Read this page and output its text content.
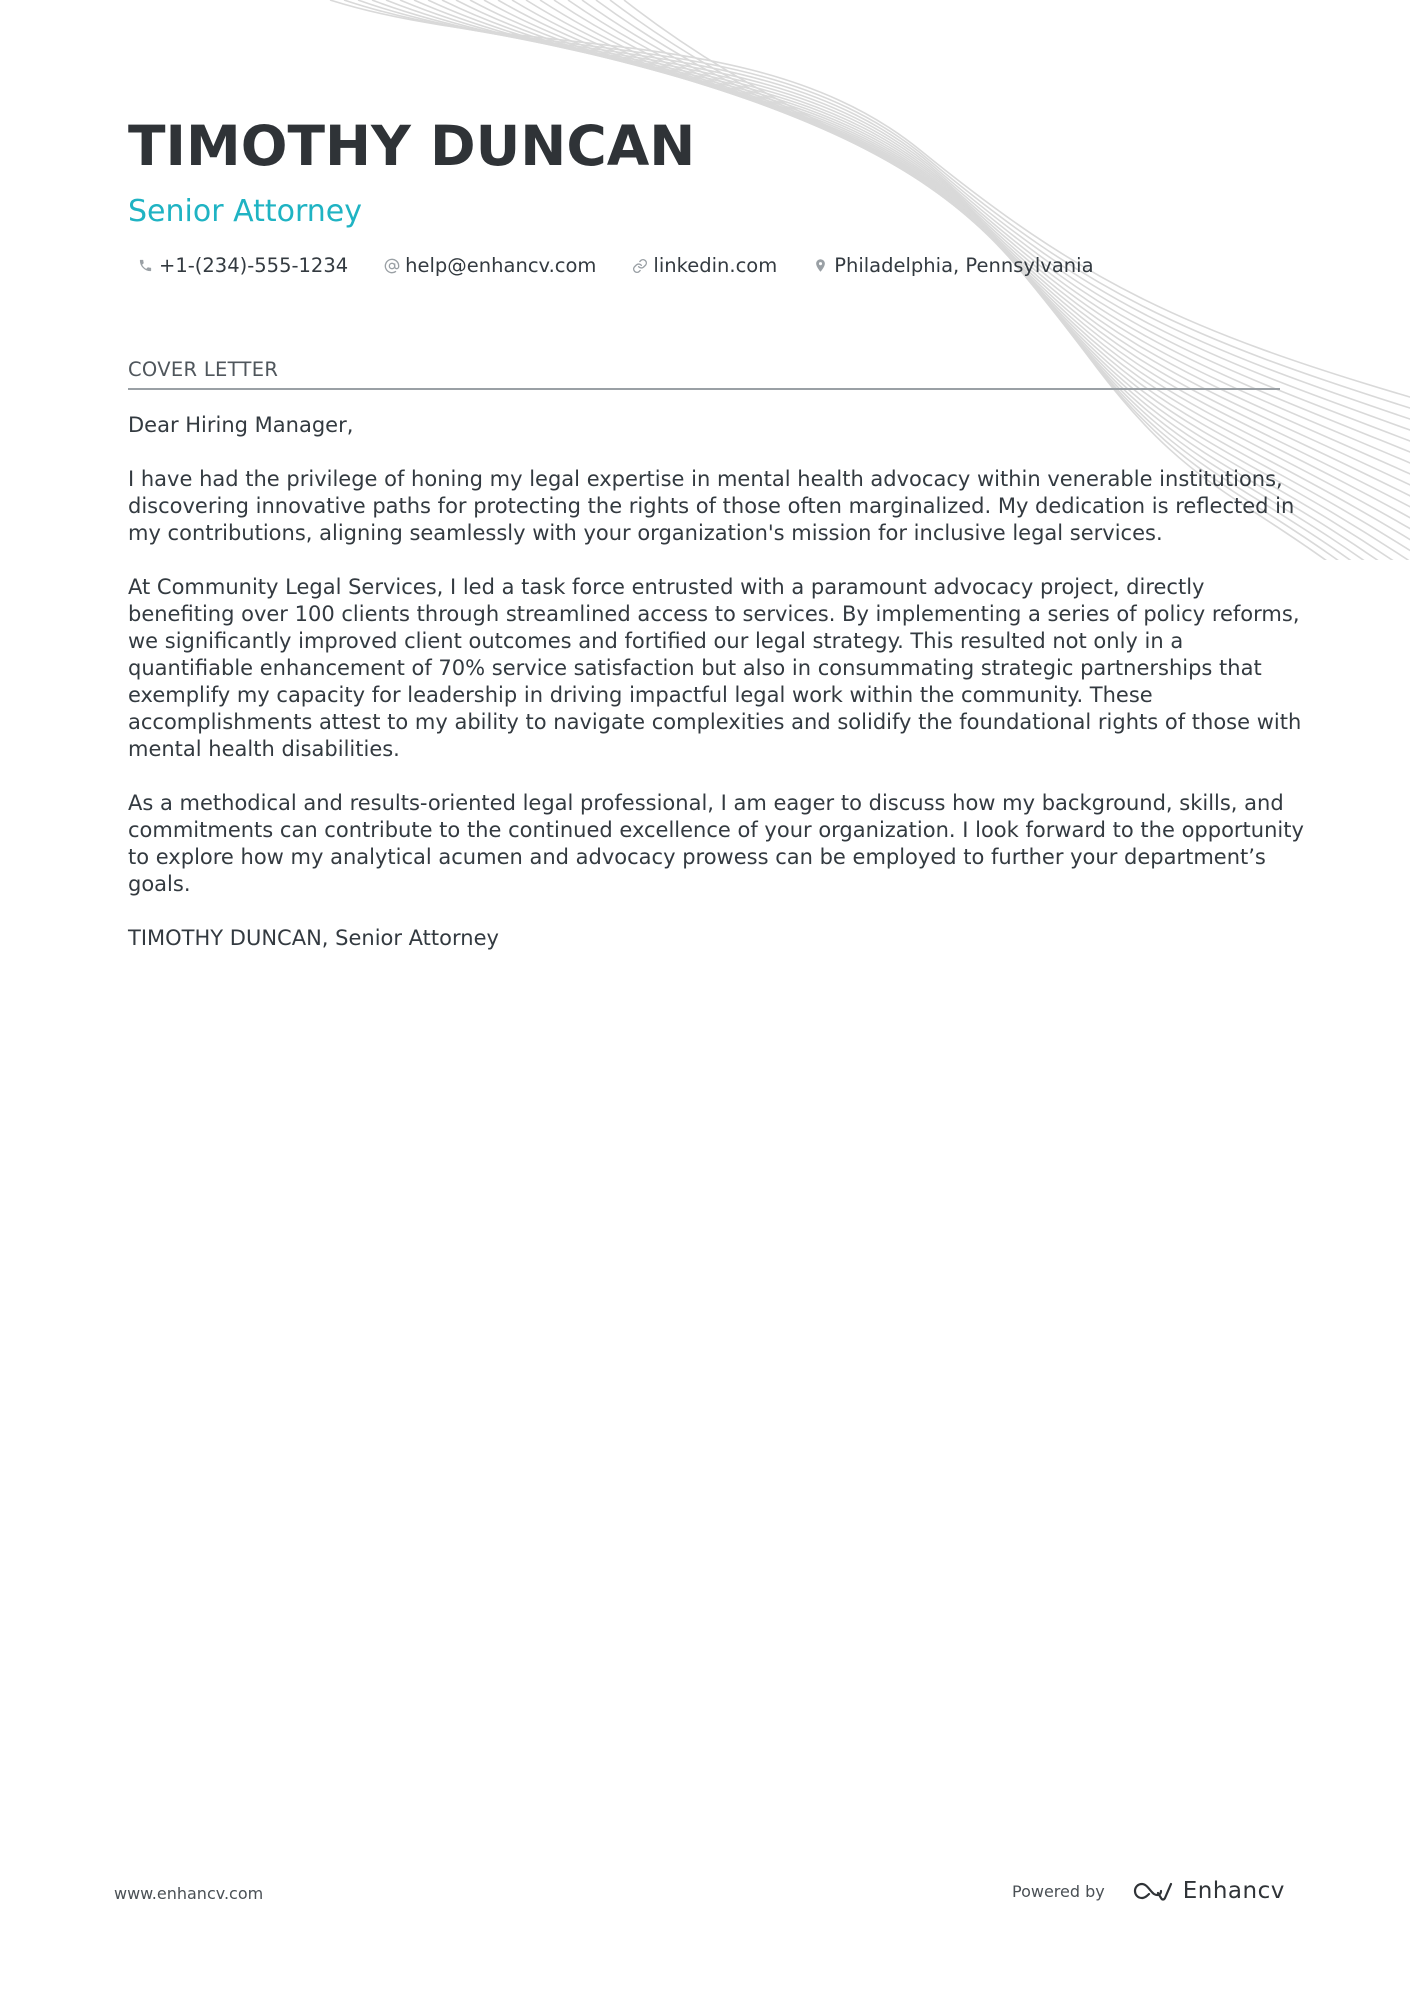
TIMOTHY DUNCAN
Senior Attorney
+1-(234)-555-1234	help@enhancv.com	linkedin.com	Philadelphia, Pennsylvania
COVER LETTER

Dear Hiring Manager,

I have had the privilege of honing my legal expertise in mental health advocacy within venerable institutions, discovering innovative paths for protecting the rights of those often marginalized. My dedication is reflected in my contributions, aligning seamlessly with your organization's mission for inclusive legal services.

At Community Legal Services, I led a task force entrusted with a paramount advocacy project, directly benefiting over 100 clients through streamlined access to services. By implementing a series of policy reforms, we significantly improved client outcomes and fortified our legal strategy. This resulted not only in a quantifiable enhancement of 70% service satisfaction but also in consummating strategic partnerships that exemplify my capacity for leadership in driving impactful legal work within the community. These accomplishments attest to my ability to navigate complexities and solidify the foundational rights of those with mental health disabilities.

As a methodical and results-oriented legal professional, I am eager to discuss how my background, skills, and commitments can contribute to the continued excellence of your organization. I look forward to the opportunity to explore how my analytical acumen and advocacy prowess can be employed to further your department’s goals.

TIMOTHY DUNCAN, Senior Attorney

www.enhancv.com	Powered by	Enhancv
